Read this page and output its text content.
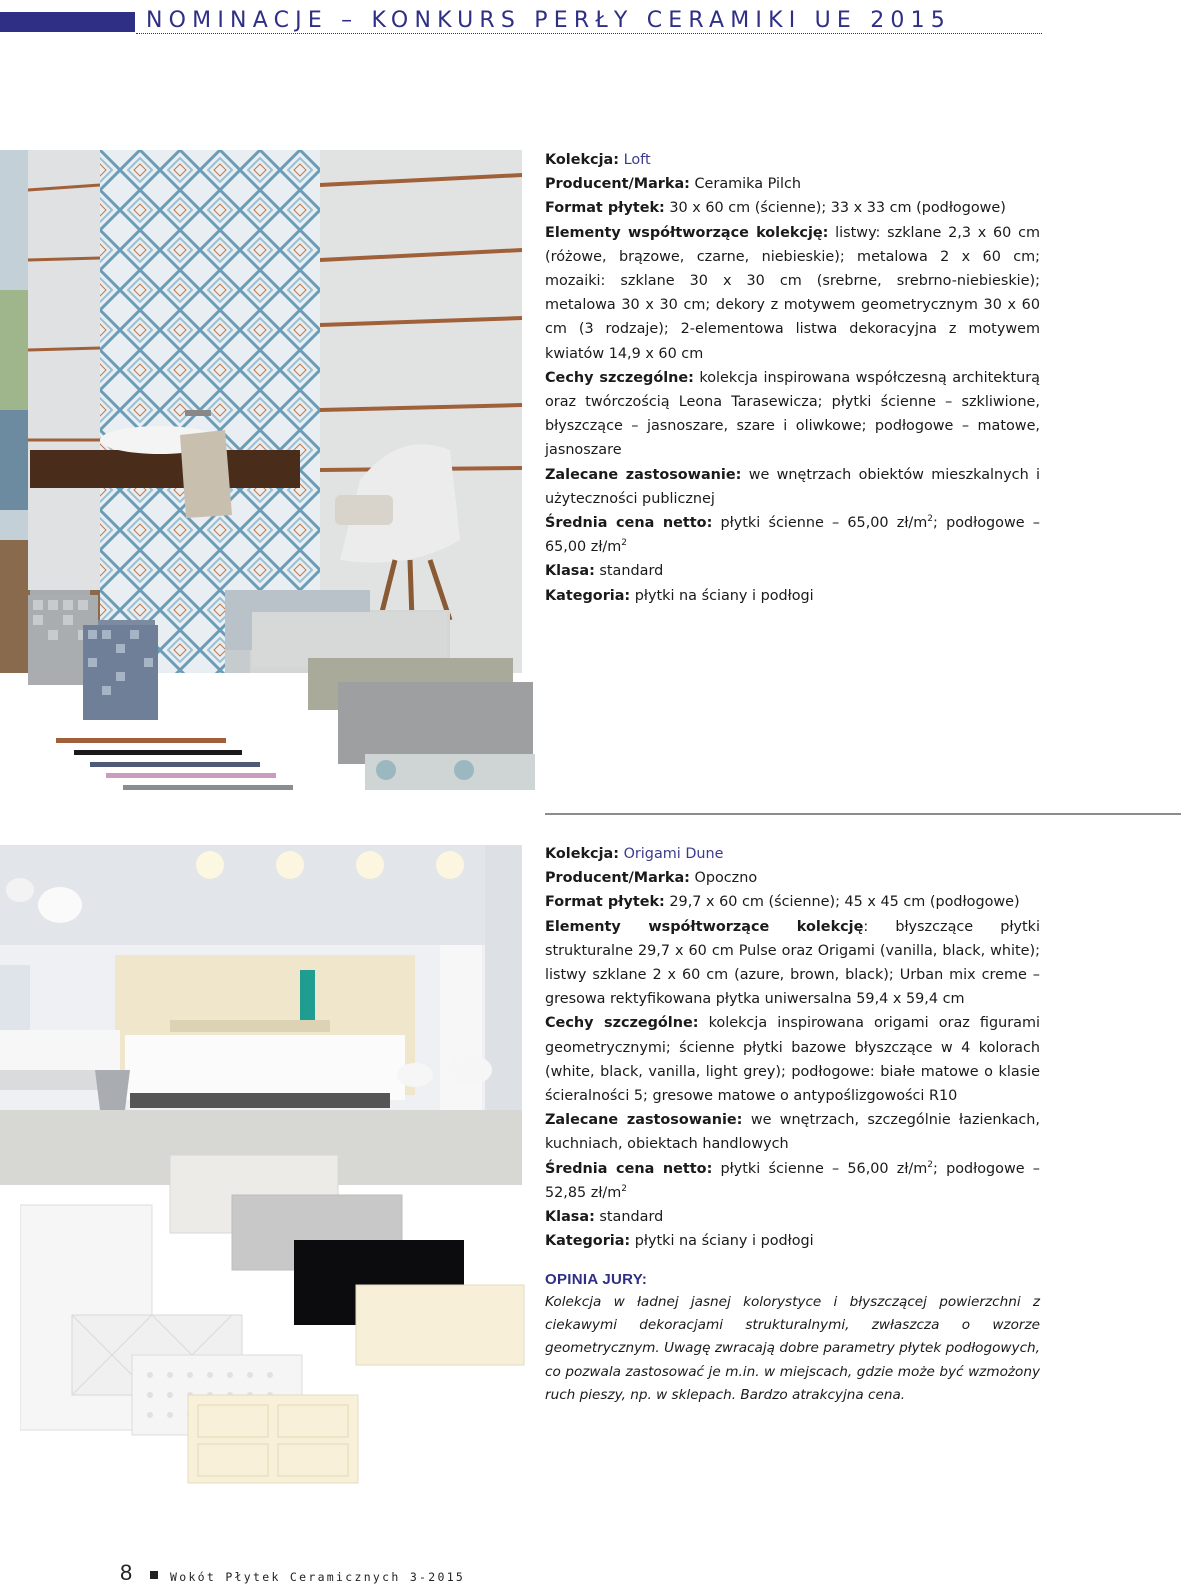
NOMINACJE – KONKURS PERŁY CERAMIKI UE 2015

Kolekcja: Loft

Producent/Marka: Ceramika Pilch

Format płytek: 30 x 60 cm (ścienne); 33 x 33 cm (podłogowe)

Elementy współtworzące kolekcję: listwy: szklane 2,3 x 60 cm (różowe, brązowe, czarne, niebieskie); metalowa 2 x 60 cm; mozaiki: szklane 30 x 30 cm (srebrne, srebrno-niebieskie); metalowa 30 x 30 cm; dekory z motywem geometrycznym 30 x 60 cm (3 rodzaje); 2-elementowa listwa dekoracyjna z motywem kwiatów 14,9 x 60 cm

Cechy szczególne: kolekcja inspirowana współczesną architekturą oraz twórczością Leona Tarasewicza; płytki ścienne – szkliwione, błyszczące – jasnoszare, szare i oliwkowe; podłogowe – matowe, jasnoszare

Zalecane zastosowanie: we wnętrzach obiektów mieszkalnych i użyteczności publicznej

Średnia cena netto: płytki ścienne – 65,00 $zł/m^2$; podłogowe – 65,00 $zł/m^2$

Klasa: standard

Kategoria: płytki na ściany i podłogi

Kolekcja: Origami Dune

Producent/Marka: Opoczno

Format płytek: 29,7 x 60 cm (ścienne); 45 x 45 cm (podłogowe)

Elementy współtworzące kolekcję: błyszczące płytki strukturalne 29,7 x 60 cm Pulse oraz Origami (vanilla, black, white); listwy szklane 2 x 60 cm (azure, brown, black); Urban mix creme – gresowa rektyfikowana płytka uniwersalna 59,4 x 59,4 cm

Cechy szczególne: kolekcja inspirowana origami oraz figurami geometrycznymi; ścienne płytki bazowe błyszczące w 4 kolorach (white, black, vanilla, light grey); podłogowe: białe matowe o klasie ścieralności 5; gresowe matowe o antypoślizgowości R10

Zalecane zastosowanie: we wnętrzach, szczególnie łazienkach, kuchniach, obiektach handlowych

Średnia cena netto: płytki ścienne – 56,00 $zł/m^2$; podłogowe – 52,85 $zł/m^2$

Klasa: standard

Kategoria: płytki na ściany i podłogi

OPINIA JURY:
Kolekcja w ładnej jasnej kolorystyce i błyszczącej powierzchni z ciekawymi dekoracjami strukturalnymi, zwłaszcza o wzorze geometrycznym. Uwagę zwracają dobre parametry płytek podłogowych, co pozwala zastosować je m.in. w miejscach, gdzie może być wzmożony ruch pieszy, np. w sklepach. Bardzo atrakcyjna cena.
8	Wokót Płytek Ceramicznych 3-2015
